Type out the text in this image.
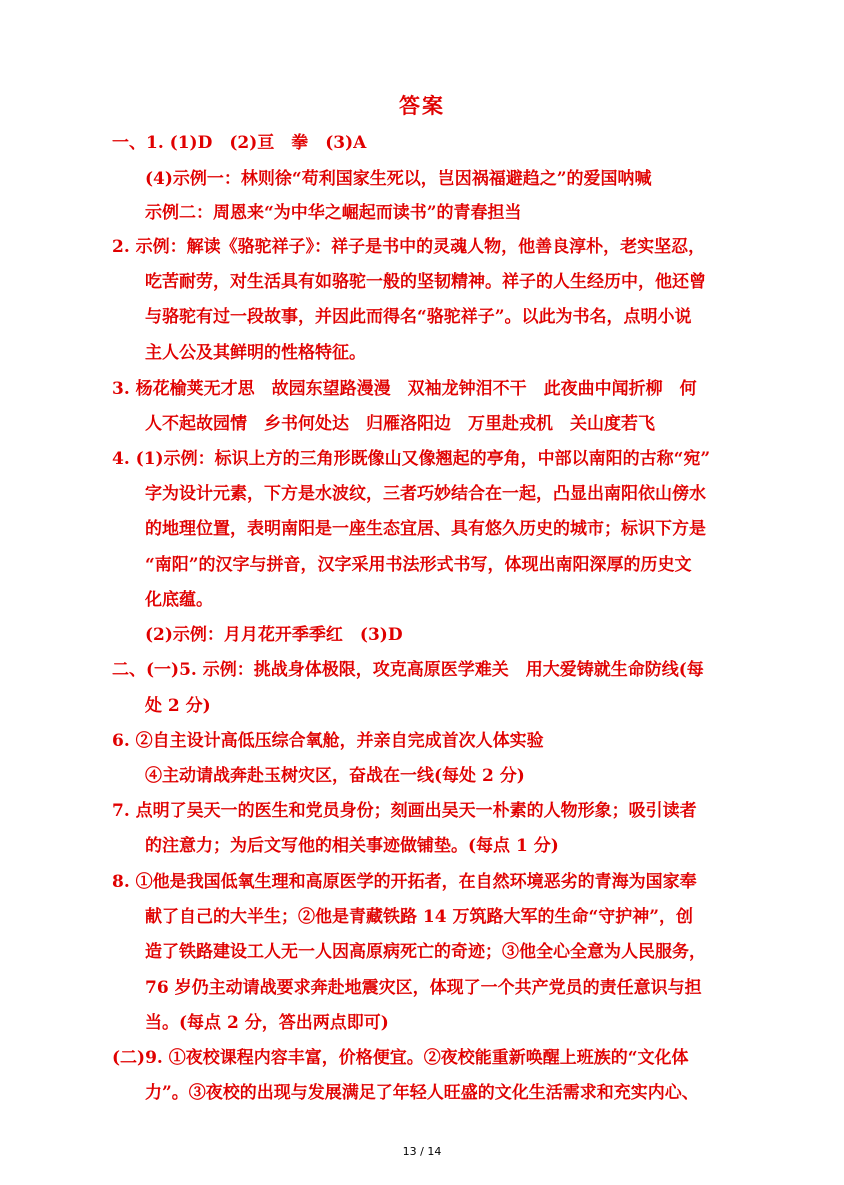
答案
一、1. (1)D　(2)亘　拳　(3)A
(4)示例一：林则徐“苟利国家生死以，岂因祸福避趋之”的爱国呐喊
示例二：周恩来“为中华之崛起而读书”的青春担当
2. 示例：解读《骆驼祥子》：祥子是书中的灵魂人物，他善良淳朴，老实坚忍，
吃苦耐劳，对生活具有如骆驼一般的坚韧精神。祥子的人生经历中，他还曾
与骆驼有过一段故事，并因此而得名“骆驼祥子”。以此为书名，点明小说
主人公及其鲜明的性格特征。
3. 杨花榆荚无才思　故园东望路漫漫　双袖龙钟泪不干　此夜曲中闻折柳　何
人不起故园情　乡书何处达　归雁洛阳边　万里赴戎机　关山度若飞
4. (1)示例：标识上方的三角形既像山又像翘起的亭角，中部以南阳的古称“宛”
字为设计元素，下方是水波纹，三者巧妙结合在一起，凸显出南阳依山傍水
的地理位置，表明南阳是一座生态宜居、具有悠久历史的城市；标识下方是
“南阳”的汉字与拼音，汉字采用书法形式书写，体现出南阳深厚的历史文
化底蕴。
(2)示例：月月花开季季红　(3)D
二、(一)5. 示例：挑战身体极限，攻克高原医学难关　用大爱铸就生命防线(每
处 2 分)
6. ②自主设计高低压综合氧舱，并亲自完成首次人体实验
④主动请战奔赴玉树灾区，奋战在一线(每处 2 分)
7. 点明了吴天一的医生和党员身份；刻画出吴天一朴素的人物形象；吸引读者
的注意力；为后文写他的相关事迹做铺垫。(每点 1 分)
8. ①他是我国低氧生理和高原医学的开拓者，在自然环境恶劣的青海为国家奉
献了自己的大半生；②他是青藏铁路 14 万筑路大军的生命“守护神”，创
造了铁路建设工人无一人因高原病死亡的奇迹；③他全心全意为人民服务，
76 岁仍主动请战要求奔赴地震灾区，体现了一个共产党员的责任意识与担
当。(每点 2 分，答出两点即可)
(二)9. ①夜校课程内容丰富，价格便宜。②夜校能重新唤醒上班族的“文化体
力”。③夜校的出现与发展满足了年轻人旺盛的文化生活需求和充实内心、
13 / 14
